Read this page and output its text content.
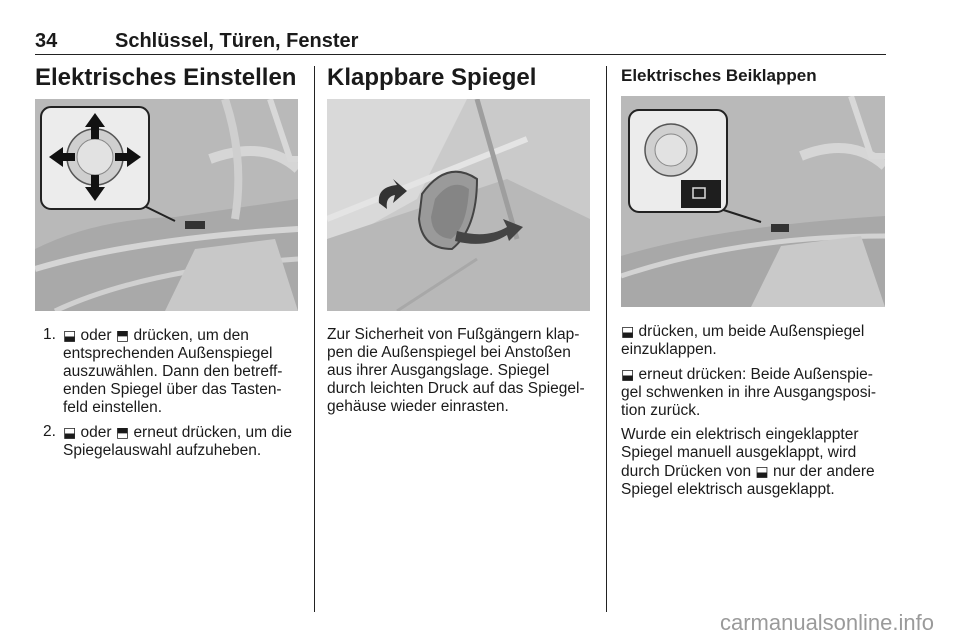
34	Schlüssel, Türen, Fenster
Elektrisches Einstellen
1. ⬓ oder ⬒ drücken, um den
entsprechenden Außenspiegel
auszuwählen. Dann den betreff-
enden Spiegel über das Tasten-
feld einstellen.
2. ⬓ oder ⬒ erneut drücken, um die
Spiegelauswahl aufzuheben.
Klappbare Spiegel

Zur Sicherheit von Fußgängern klap-
pen die Außenspiegel bei Anstoßen
aus ihrer Ausgangslage. Spiegel
durch leichten Druck auf das Spiegel-
gehäuse wieder einrasten.

Elektrisches Beiklappen

⬓ drücken, um beide Außenspiegel
einzuklappen.

⬓ erneut drücken: Beide Außenspie-
gel schwenken in ihre Ausgangsposi-
tion zurück.

Wurde ein elektrisch eingeklappter
Spiegel manuell ausgeklappt, wird
durch Drücken von ⬓ nur der andere
Spiegel elektrisch ausgeklappt.

carmanualsonline.info
